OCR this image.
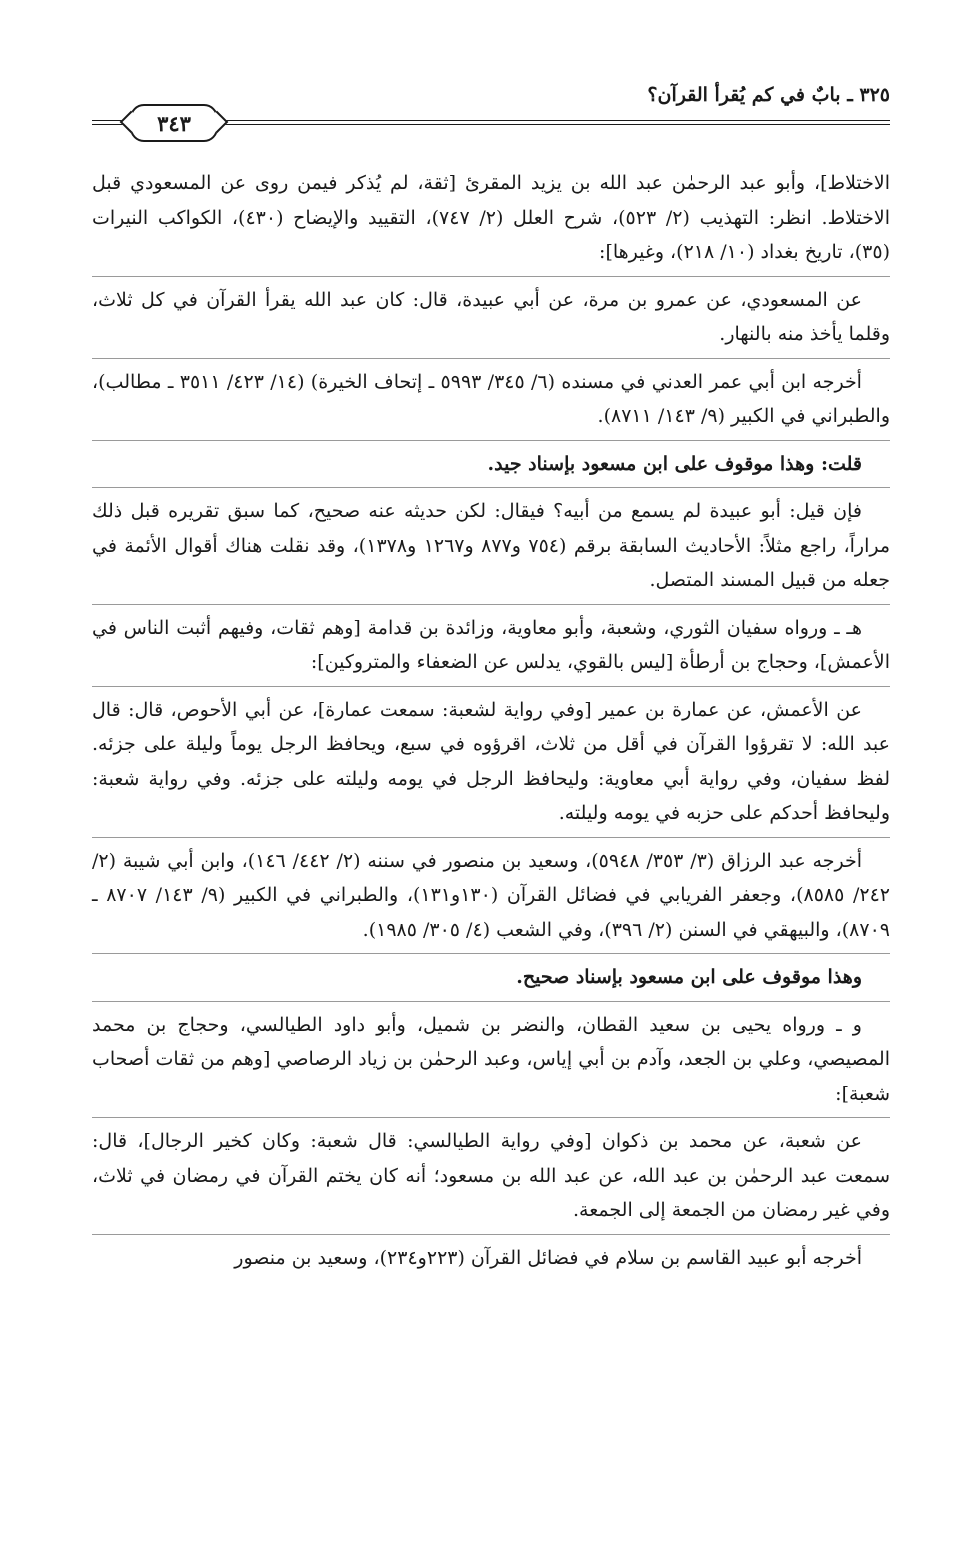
٣٢٥ ـ بابٌ في كم يُقرأ القرآن؟
٣٤٣

الاختلاط]، وأبو عبد الرحمٰن عبد الله بن يزيد المقرئ [ثقة، لم يُذكر فيمن روى عن المسعودي قبل الاختلاط. انظر: التهذيب (٢/ ٥٢٣)، شرح العلل (٢/ ٧٤٧)، التقييد والإيضاح (٤٣٠)، الكواكب النيرات (٣٥)، تاريخ بغداد (١٠/ ٢١٨)، وغيرها]:

عن المسعودي، عن عمرو بن مرة، عن أبي عبيدة، قال: كان عبد الله يقرأ القرآن في كل ثلاث، وقلما يأخذ منه بالنهار.

أخرجه ابن أبي عمر العدني في مسنده (٦/ ٣٤٥/ ٥٩٩٣ ـ إتحاف الخيرة) (١٤/ ٤٢٣/ ٣٥١١ ـ مطالب)، والطبراني في الكبير (٩/ ١٤٣/ ٨٧١١).

قلت: وهذا موقوف على ابن مسعود بإسناد جيد.

فإن قيل: أبو عبيدة لم يسمع من أبيه؟ فيقال: لكن حديثه عنه صحيح، كما سبق تقريره قبل ذلك مراراً، راجع مثلاً: الأحاديث السابقة برقم (٧٥٤ و٨٧٧ و١٢٦٧ و١٣٧٨)، وقد نقلت هناك أقوال الأئمة في جعله من قبيل المسند المتصل.

هـ ـ ورواه سفيان الثوري، وشعبة، وأبو معاوية، وزائدة بن قدامة [وهم ثقات، وفيهم أثبت الناس في الأعمش]، وحجاج بن أرطأة [ليس بالقوي، يدلس عن الضعفاء والمتروكين]:

عن الأعمش، عن عمارة بن عمير [وفي رواية لشعبة: سمعت عمارة]، عن أبي الأحوص، قال: قال عبد الله: لا تقرؤوا القرآن في أقل من ثلاث، اقرؤوه في سبع، ويحافظ الرجل يوماً وليلة على جزئه. لفظ سفيان، وفي رواية أبي معاوية: وليحافظ الرجل في يومه وليلته على جزئه. وفي رواية شعبة: وليحافظ أحدكم على حزبه في يومه وليلته.

أخرجه عبد الرزاق (٣/ ٣٥٣/ ٥٩٤٨)، وسعيد بن منصور في سننه (٢/ ٤٤٢/ ١٤٦)، وابن أبي شيبة (٢/ ٢٤٢/ ٨٥٨٥)، وجعفر الفريابي في فضائل القرآن (١٣٠و١٣١)، والطبراني في الكبير (٩/ ١٤٣/ ٨٧٠٧ ـ ٨٧٠٩)، والبيهقي في السنن (٢/ ٣٩٦)، وفي الشعب (٤/ ٣٠٥/ ١٩٨٥).

وهذا موقوف على ابن مسعود بإسناد صحيح.

و ـ ورواه يحيى بن سعيد القطان، والنضر بن شميل، وأبو داود الطيالسي، وحجاج بن محمد المصيصي، وعلي بن الجعد، وآدم بن أبي إياس، وعبد الرحمٰن بن زياد الرصاصي [وهم من ثقات أصحاب شعبة]:

عن شعبة، عن محمد بن ذكوان [وفي رواية الطيالسي: قال شعبة: وكان كخير الرجال]، قال: سمعت عبد الرحمٰن بن عبد الله، عن عبد الله بن مسعود؛ أنه كان يختم القرآن في رمضان في ثلاث، وفي غير رمضان من الجمعة إلى الجمعة.

أخرجه أبو عبيد القاسم بن سلام في فضائل القرآن (٢٢٣و٢٣٤)، وسعيد بن منصور
